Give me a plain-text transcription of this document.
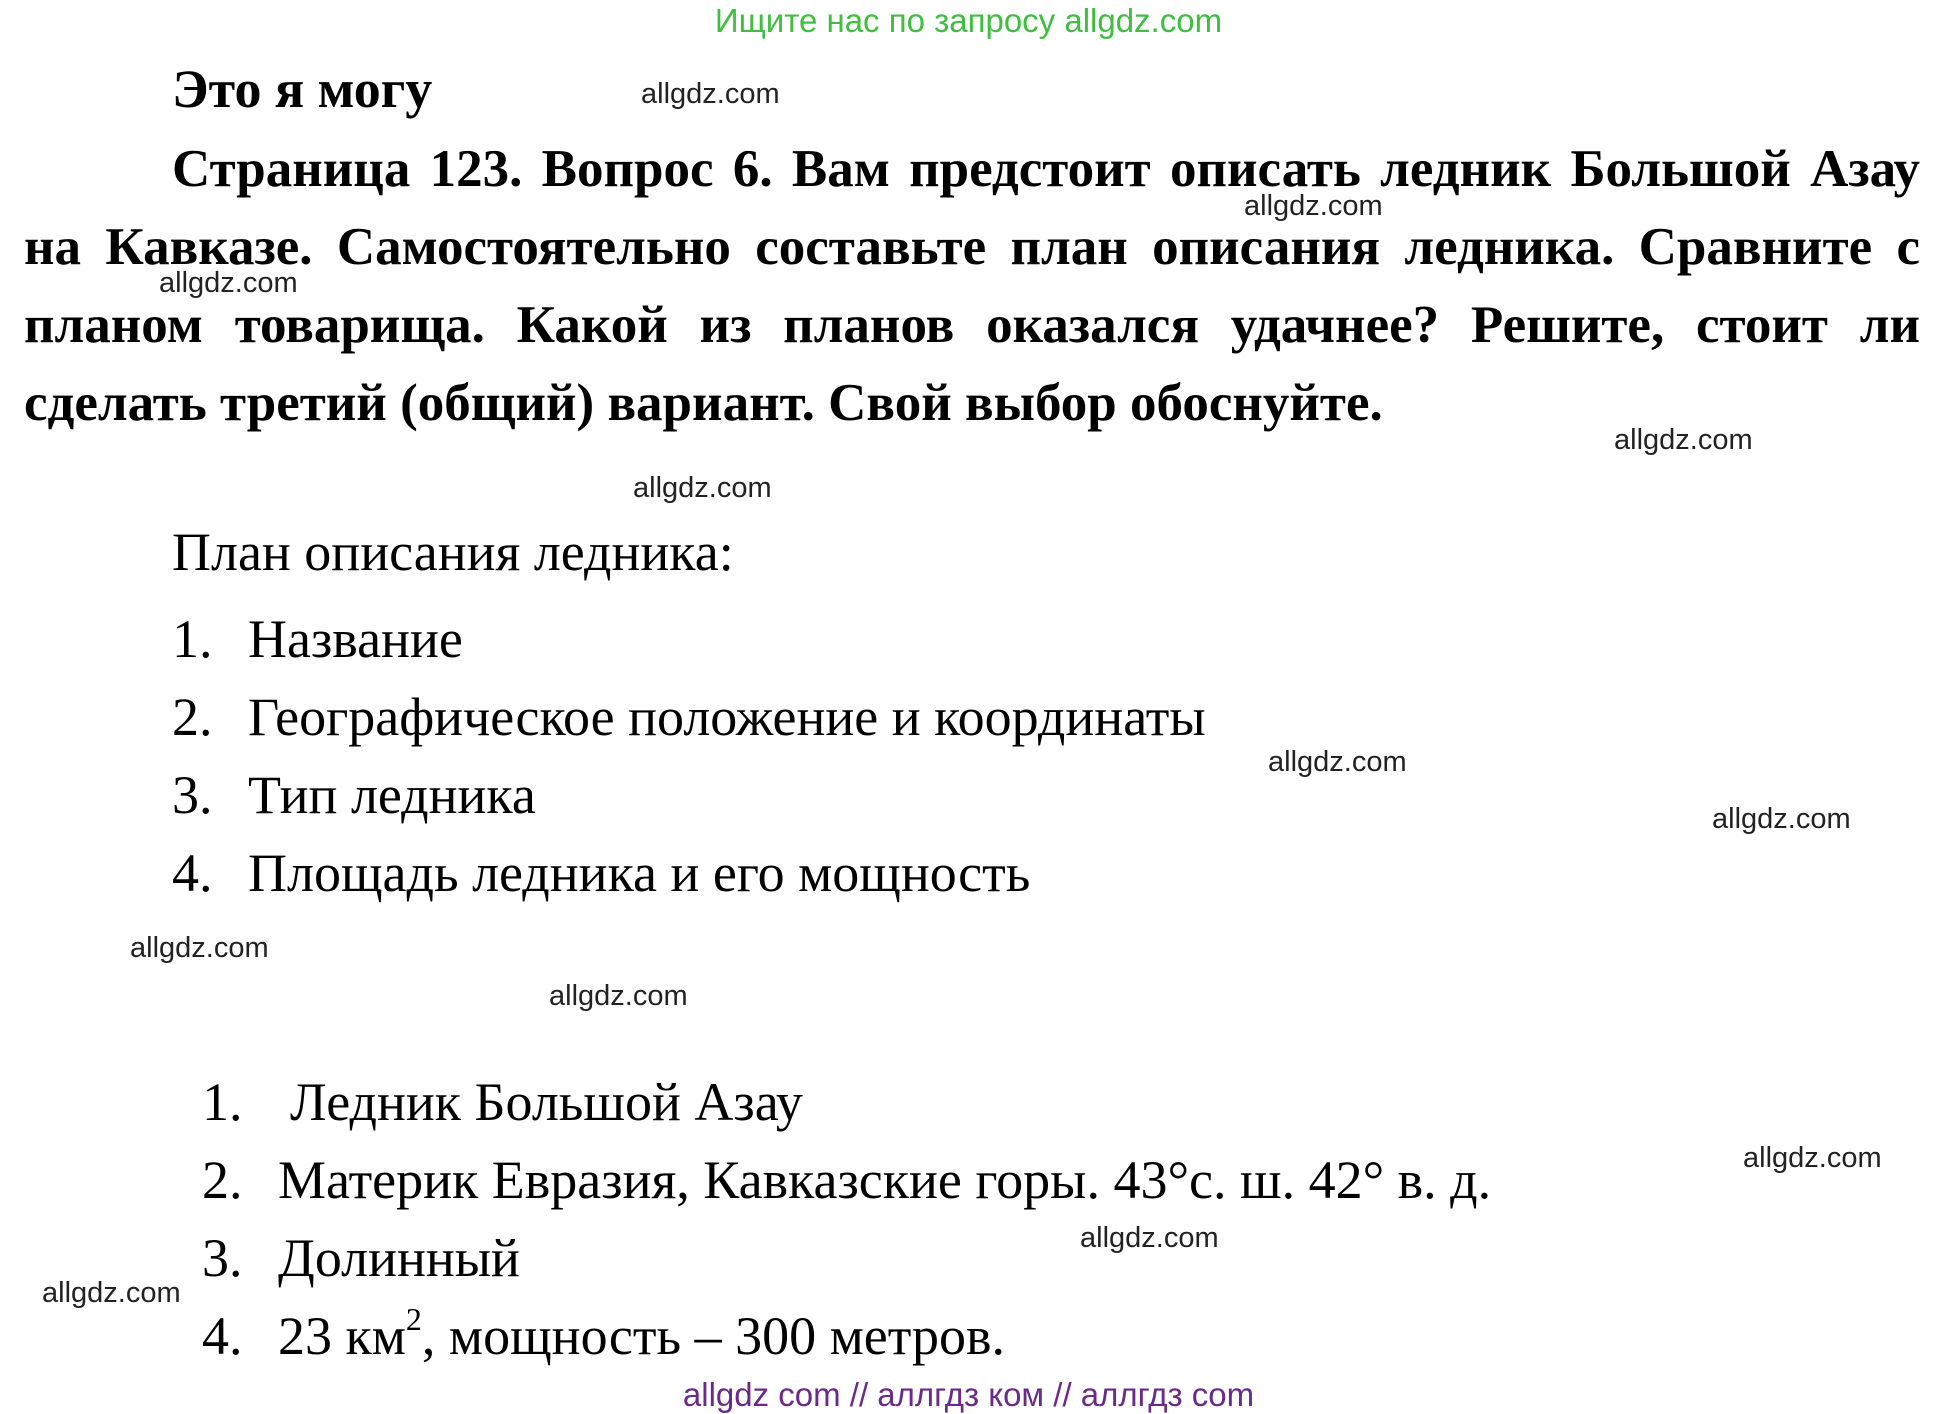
Ищите нас по запросу allgdz.com
Это я могу
Страница 123. Вопрос 6. Вам предстоит описать ледник Большой Азау на Кавказе. Самостоятельно составьте план описания ледника. Сравните с планом товарища. Какой из планов оказался удачнее? Решите, стоит ли сделать третий (общий) вариант. Свой выбор обоснуйте.
План описания ледника:
1. Название
2. Географическое положение и координаты
3. Тип ледника
4. Площадь ледника и его мощность
1. Ледник Большой Азау
2. Материк Евразия, Кавказские горы. 43°с. ш. 42° в. д.
3. Долинный
4. 23 $км^2$, мощность – 300 метров.
allgdz.com
allgdz.com
allgdz.com
allgdz.com
allgdz.com
allgdz.com
allgdz.com
allgdz.com
allgdz.com
allgdz.com
allgdz.com
allgdz.com
allgdz com // аллгдз ком // аллгдз com
